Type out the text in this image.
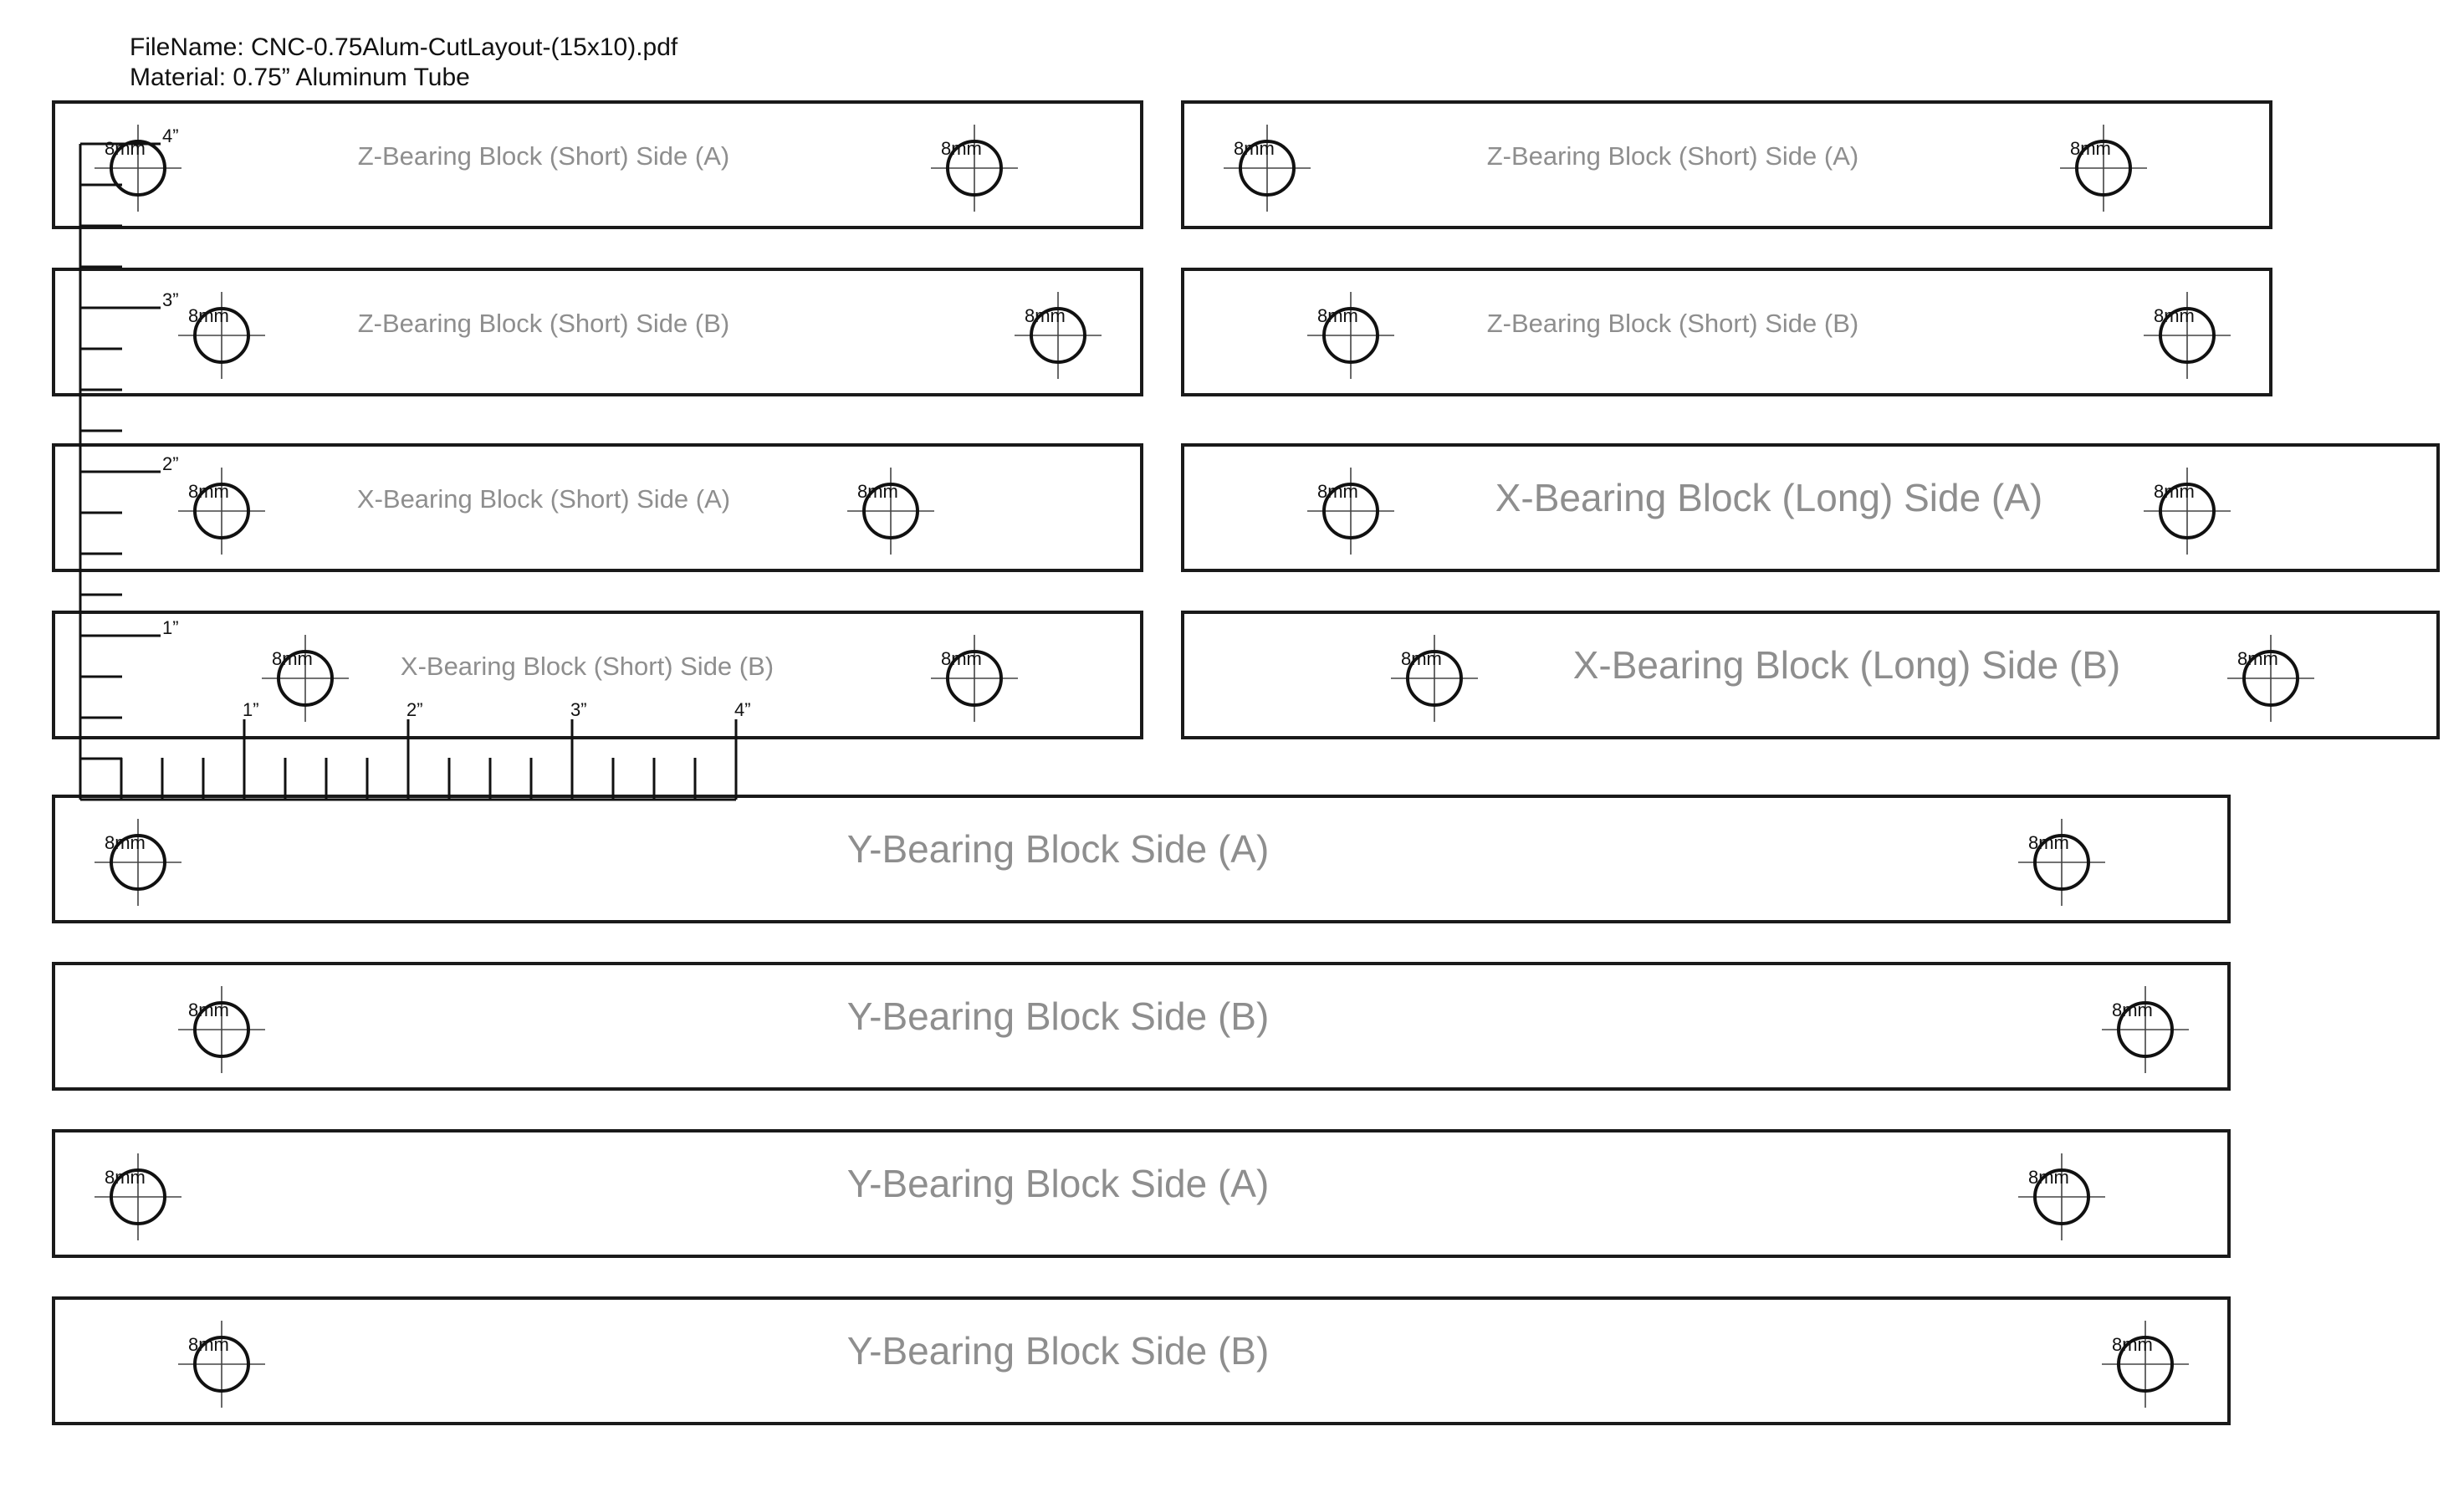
FileName: CNC-0.75Alum-CutLayout-(15x10).pdf
Material: 0.75” Aluminum Tube
Z-Bearing Block (Short) Side (A)
8mm	8mm	Z-Bearing Block (Short) Side (A)
8mm	8mm
Z-Bearing Block (Short) Side (B)
8mm	8mm	Z-Bearing Block (Short) Side (B)
8mm	8mm
X-Bearing Block (Short) Side (A)
8mm	8mm	X-Bearing Block (Long) Side (A)
8mm	8mm
X-Bearing Block (Short) Side (B)
8mm	8mm	X-Bearing Block (Long) Side (B)
8mm	8mm
Y-Bearing Block Side (A)
8mm	8mm
Y-Bearing Block Side (B)
8mm	8mm
Y-Bearing Block Side (A)
8mm	8mm
Y-Bearing Block Side (B)
8mm	8mm
1”
2”
3”
4”
1”	2”	3”	4”
